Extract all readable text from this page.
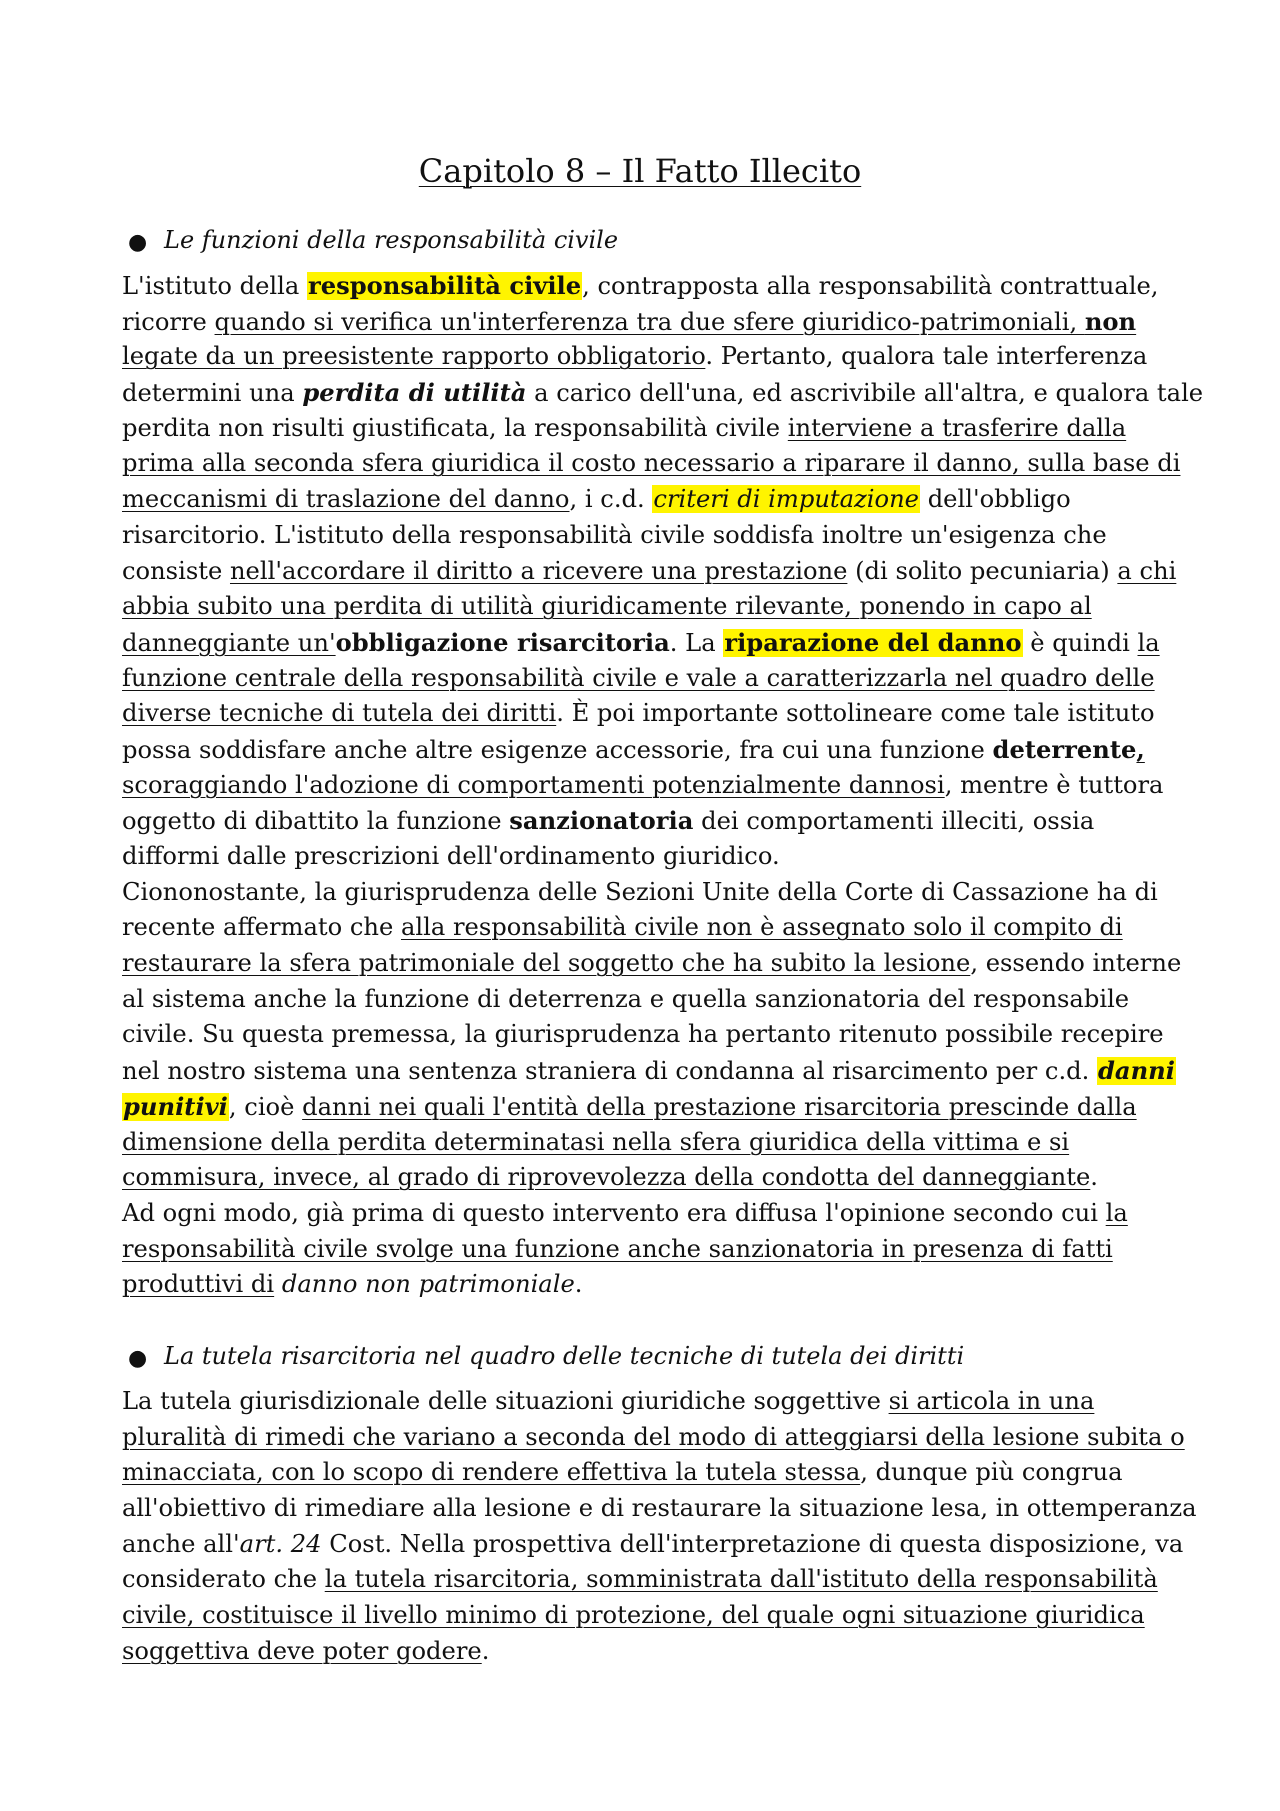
Capitolo 8 – Il Fatto Illecito
● Le funzioni della responsabilità civile
L'istituto della responsabilità civile, contrapposta alla responsabilità contrattuale,
ricorre quando si verifica un'interferenza tra due sfere giuridico-patrimoniali, non
legate da un preesistente rapporto obbligatorio. Pertanto, qualora tale interferenza
determini una perdita di utilità a carico dell'una, ed ascrivibile all'altra, e qualora tale
perdita non risulti giustificata, la responsabilità civile interviene a trasferire dalla
prima alla seconda sfera giuridica il costo necessario a riparare il danno, sulla base di
meccanismi di traslazione del danno, i c.d. criteri di imputazione dell'obbligo
risarcitorio. L'istituto della responsabilità civile soddisfa inoltre un'esigenza che
consiste nell'accordare il diritto a ricevere una prestazione (di solito pecuniaria) a chi
abbia subito una perdita di utilità giuridicamente rilevante, ponendo in capo al
danneggiante un'obbligazione risarcitoria. La riparazione del danno è quindi la
funzione centrale della responsabilità civile e vale a caratterizzarla nel quadro delle
diverse tecniche di tutela dei diritti. È poi importante sottolineare come tale istituto
possa soddisfare anche altre esigenze accessorie, fra cui una funzione deterrente,
scoraggiando l'adozione di comportamenti potenzialmente dannosi, mentre è tuttora
oggetto di dibattito la funzione sanzionatoria dei comportamenti illeciti, ossia
difformi dalle prescrizioni dell'ordinamento giuridico.
Ciononostante, la giurisprudenza delle Sezioni Unite della Corte di Cassazione ha di
recente affermato che alla responsabilità civile non è assegnato solo il compito di
restaurare la sfera patrimoniale del soggetto che ha subito la lesione, essendo interne
al sistema anche la funzione di deterrenza e quella sanzionatoria del responsabile
civile. Su questa premessa, la giurisprudenza ha pertanto ritenuto possibile recepire
nel nostro sistema una sentenza straniera di condanna al risarcimento per c.d. danni
punitivi, cioè danni nei quali l'entità della prestazione risarcitoria prescinde dalla
dimensione della perdita determinatasi nella sfera giuridica della vittima e si
commisura, invece, al grado di riprovevolezza della condotta del danneggiante.
Ad ogni modo, già prima di questo intervento era diffusa l'opinione secondo cui la
responsabilità civile svolge una funzione anche sanzionatoria in presenza di fatti
produttivi di danno non patrimoniale.
● La tutela risarcitoria nel quadro delle tecniche di tutela dei diritti
La tutela giurisdizionale delle situazioni giuridiche soggettive si articola in una
pluralità di rimedi che variano a seconda del modo di atteggiarsi della lesione subita o
minacciata, con lo scopo di rendere effettiva la tutela stessa, dunque più congrua
all'obiettivo di rimediare alla lesione e di restaurare la situazione lesa, in ottemperanza
anche all'art. 24 Cost. Nella prospettiva dell'interpretazione di questa disposizione, va
considerato che la tutela risarcitoria, somministrata dall'istituto della responsabilità
civile, costituisce il livello minimo di protezione, del quale ogni situazione giuridica
soggettiva deve poter godere.
